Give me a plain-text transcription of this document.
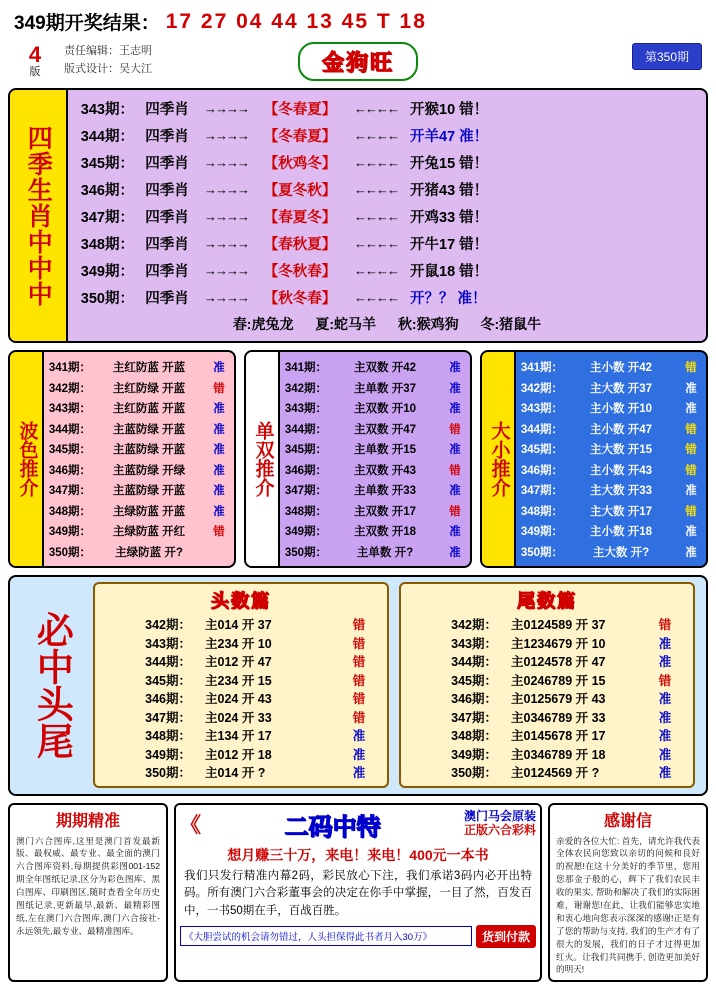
349期开奖结果： 17 27 04 44 13 45 T 18
4
版
责任编辑：王志明
版式设计：吴大江	金狗旺	第350期
四季生肖中中中
343期： 四季肖	→→→→	【冬春夏】	←←←← 开猴10 错！
344期： 四季肖	→→→→	【冬春夏】	←←←← 开羊47 准！
345期： 四季肖	→→→→	【秋鸡冬】	←←←← 开兔15 错！
346期： 四季肖	→→→→	【夏冬秋】	←←←← 开猪43 错！
347期： 四季肖	→→→→	【春夏冬】	←←←← 开鸡33 错！
348期： 四季肖	→→→→	【春秋夏】	←←←← 开牛17 错！
349期： 四季肖	→→→→	【冬秋春】	←←←← 开鼠18 错！
350期： 四季肖	→→→→	【秋冬春】	←←←← 开？？ 准！
春:虎兔龙 夏:蛇马羊 秋:猴鸡狗 冬:猪鼠牛
波色推介
341期：	主红防蓝 开蓝	准
342期：	主红防绿 开蓝	错
343期：	主红防蓝 开蓝	准
344期：	主蓝防绿 开蓝	准
345期：	主蓝防绿 开蓝	准
346期：	主蓝防绿 开绿	准
347期：	主蓝防绿 开蓝	准
348期：	主绿防蓝 开蓝	准
349期：	主绿防蓝 开红	错
350期：	主绿防蓝 开?
单双推介
341期：	主双数 开42	准
342期：	主单数 开37	准
343期：	主双数 开10	准
344期：	主双数 开47	错
345期：	主单数 开15	准
346期：	主双数 开43	错
347期：	主单数 开33	准
348期：	主双数 开17	错
349期：	主双数 开18	准
350期：	主单数 开?	准
大小推介
341期：	主小数 开42	错
342期：	主大数 开37	准
343期：	主小数 开10	准
344期：	主小数 开47	错
345期：	主大数 开15	错
346期：	主小数 开43	错
347期：	主大数 开33	准
348期：	主大数 开17	错
349期：	主小数 开18	准
350期：	主大数 开?	准
必中头尾
头数篇
342期：	主014 开 37	错
343期：	主234 开 10	错
344期：	主012 开 47	错
345期：	主234 开 15	错
346期：	主024 开 43	错
347期：	主024 开 33	错
348期：	主134 开 17	准
349期：	主012 开 18	准
350期：	主014 开 ?	准
尾数篇
342期：	主0124589 开 37	错
343期：	主1234679 开 10	准
344期：	主0124578 开 47	准
345期：	主0246789 开 15	错
346期：	主0125679 开 43	准
347期：	主0346789 开 33	准
348期：	主0145678 开 17	准
349期：	主0346789 开 18	准
350期：	主0124569 开 ?	准
期期精准
澳门六合图库,这里是澳门首发最新版、最权威、最专业、最全面的澳门六合图库资料,每期提供彩图001-152期全年图纸记录,区分为彩色图库、黑白图库、印刷图区,随时查看全年历史图纸记录,更新最早,最新、最精彩图纸,左在澳门六合图库,澳门六合接社-永远领先,最专业、最精准图库。
《	二码中特	澳门马会原装
正版六合彩料
想月赚三十万，来电！来电！400元一本书
我们只发行精准内幕2码，彩民放心下注，我们承诺3码内必开出特码。所有澳门六合彩董事会的决定在你手中掌握，一目了然，百发百中，一书50期在手，百战百胜。
《大胆尝试的机会请勿错过，人头担保得此书者月入30万》	货到付款
感谢信
亲爱的各位大忙: 首先，请允许我代表全体农民向您致以亲切的问候和良好的祝愿!在这十分美好的季节里，您用您那金子般的心，辉下了我们农民丰收的果实, 帮助和解决了我们的实际困难，谢谢您!在此，让我们能够忠实地和衷心地向您表示深深的感谢!正是有了您的帮助与支持, 我们的生产才有了很大的发展，我们的日子才过得更加红火。让我们共同携手, 创造更加美好的明天!
